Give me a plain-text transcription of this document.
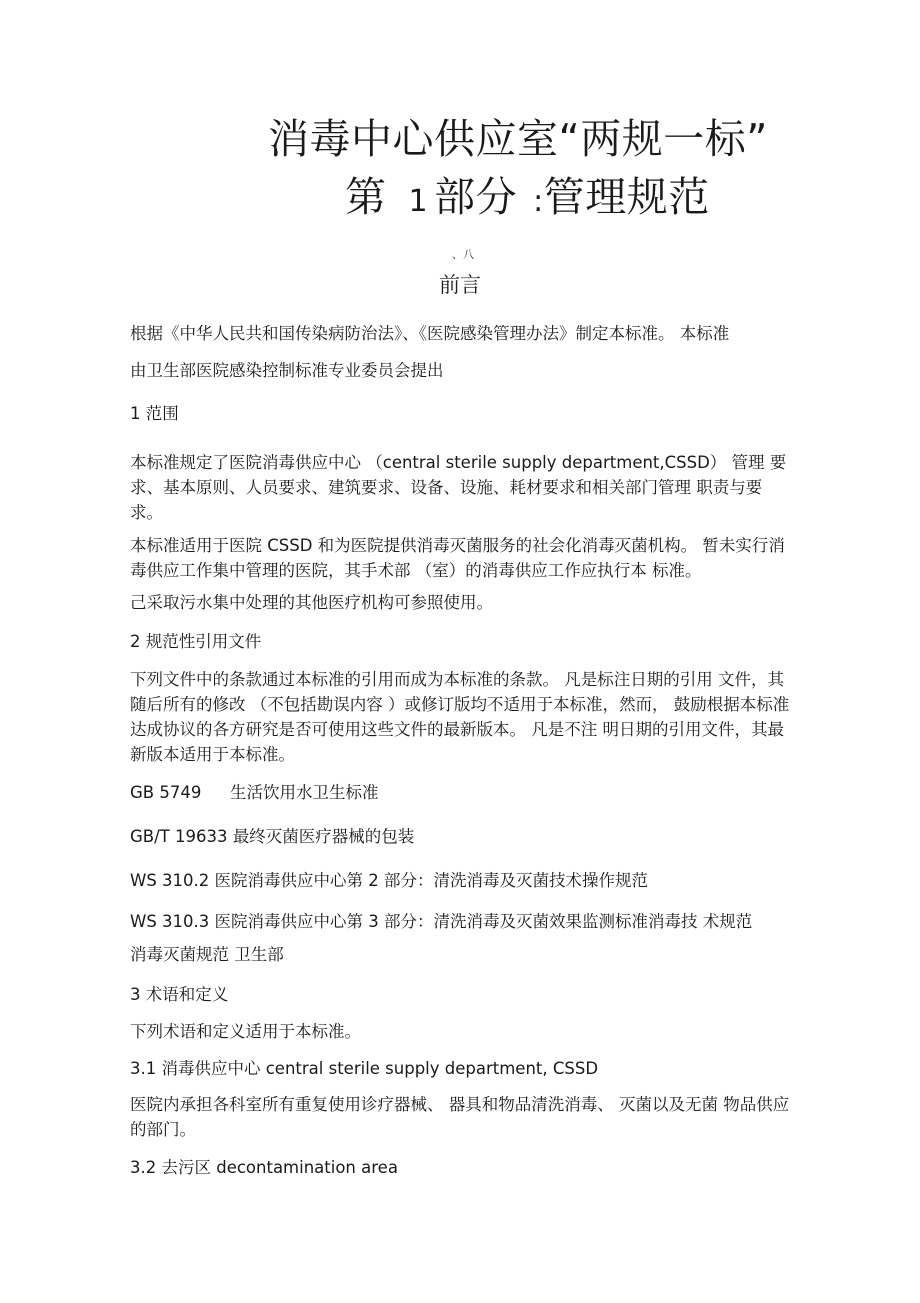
消毒中心供应室“两规一标”
第 1 部分 :管理规范
、八
前言
根据《中华人民共和国传染病防治法》、《医院感染管理办法》制定本标准。 本标准
由卫生部医院感染控制标准专业委员会提出
1 范围
本标准规定了医院消毒供应中心 （central sterile supply department,CSSD） 管理 要求、基本原则、人员要求、建筑要求、设备、设施、耗材要求和相关部门管理 职责与要求。
本标准适用于医院 CSSD 和为医院提供消毒灭菌服务的社会化消毒灭菌机构。 暂未实行消毒供应工作集中管理的医院，其手术部 （室）的消毒供应工作应执行本 标准。
己采取污水集中处理的其他医疗机构可参照使用。
2 规范性引用文件
下列文件中的条款通过本标准的引用而成为本标准的条款。 凡是标注日期的引用 文件，其随后所有的修改 （不包括勘误内容 ）或修订版均不适用于本标准，然而， 鼓励根据本标准达成协议的各方研究是否可使用这些文件的最新版本。 凡是不注 明日期的引用文件，其最新版本适用于本标准。
GB 5749 生活饮用水卫生标准
GB/T 19633 最终灭菌医疗器械的包装
WS 310.2 医院消毒供应中心第 2 部分：清洗消毒及灭菌技术操作规范
WS 310.3 医院消毒供应中心第 3 部分：清洗消毒及灭菌效果监测标准消毒技 术规范
消毒灭菌规范 卫生部
3 术语和定义
下列术语和定义适用于本标准。
3.1 消毒供应中心 central sterile supply department, CSSD
医院内承担各科室所有重复使用诊疗器械、 器具和物品清洗消毒、 灭菌以及无菌 物品供应的部门。
3.2 去污区 decontamination area
